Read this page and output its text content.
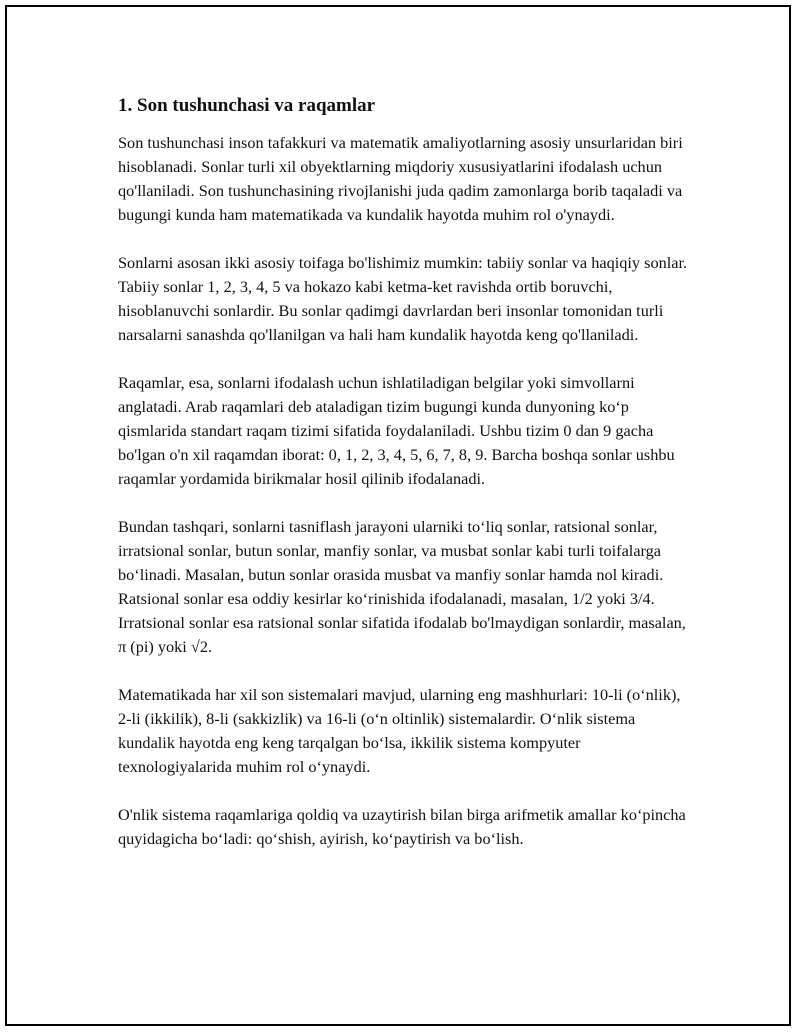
1. Son tushunchasi va raqamlar

Son tushunchasi inson tafakkuri va matematik amaliyotlarning asosiy unsurlaridan biri hisoblanadi. Sonlar turli xil obyektlarning miqdoriy xususiyatlarini ifodalash uchun qo'llaniladi. Son tushunchasining rivojlanishi juda qadim zamonlarga borib taqaladi va bugungi kunda ham matematikada va kundalik hayotda muhim rol o'ynaydi.

Sonlarni asosan ikki asosiy toifaga bo'lishimiz mumkin: tabiiy sonlar va haqiqiy sonlar. Tabiiy sonlar 1, 2, 3, 4, 5 va hokazo kabi ketma-ket ravishda ortib boruvchi, hisoblanuvchi sonlardir. Bu sonlar qadimgi davrlardan beri insonlar tomonidan turli narsalarni sanashda qo'llanilgan va hali ham kundalik hayotda keng qo'llaniladi.

Raqamlar, esa, sonlarni ifodalash uchun ishlatiladigan belgilar yoki simvollarni anglatadi. Arab raqamlari deb ataladigan tizim bugungi kunda dunyoning ko‘p qismlarida standart raqam tizimi sifatida foydalaniladi. Ushbu tizim 0 dan 9 gacha bo'lgan o'n xil raqamdan iborat: 0, 1, 2, 3, 4, 5, 6, 7, 8, 9. Barcha boshqa sonlar ushbu raqamlar yordamida birikmalar hosil qilinib ifodalanadi.

Bundan tashqari, sonlarni tasniflash jarayoni ularniki to‘liq sonlar, ratsional sonlar, irratsional sonlar, butun sonlar, manfiy sonlar, va musbat sonlar kabi turli toifalarga bo‘linadi. Masalan, butun sonlar orasida musbat va manfiy sonlar hamda nol kiradi. Ratsional sonlar esa oddiy kesirlar ko‘rinishida ifodalanadi, masalan, 1/2 yoki 3/4. Irratsional sonlar esa ratsional sonlar sifatida ifodalab bo'lmaydigan sonlardir, masalan, π (pi) yoki √2.

Matematikada har xil son sistemalari mavjud, ularning eng mashhurlari: 10-li (o‘nlik), 2-li (ikkilik), 8-li (sakkizlik) va 16-li (o‘n oltinlik) sistemalardir. O‘nlik sistema kundalik hayotda eng keng tarqalgan bo‘lsa, ikkilik sistema kompyuter texnologiyalarida muhim rol o‘ynaydi.

O'nlik sistema raqamlariga qoldiq va uzaytirish bilan birga arifmetik amallar ko‘pincha quyidagicha bo‘ladi: qo‘shish, ayirish, ko‘paytirish va bo‘lish.
